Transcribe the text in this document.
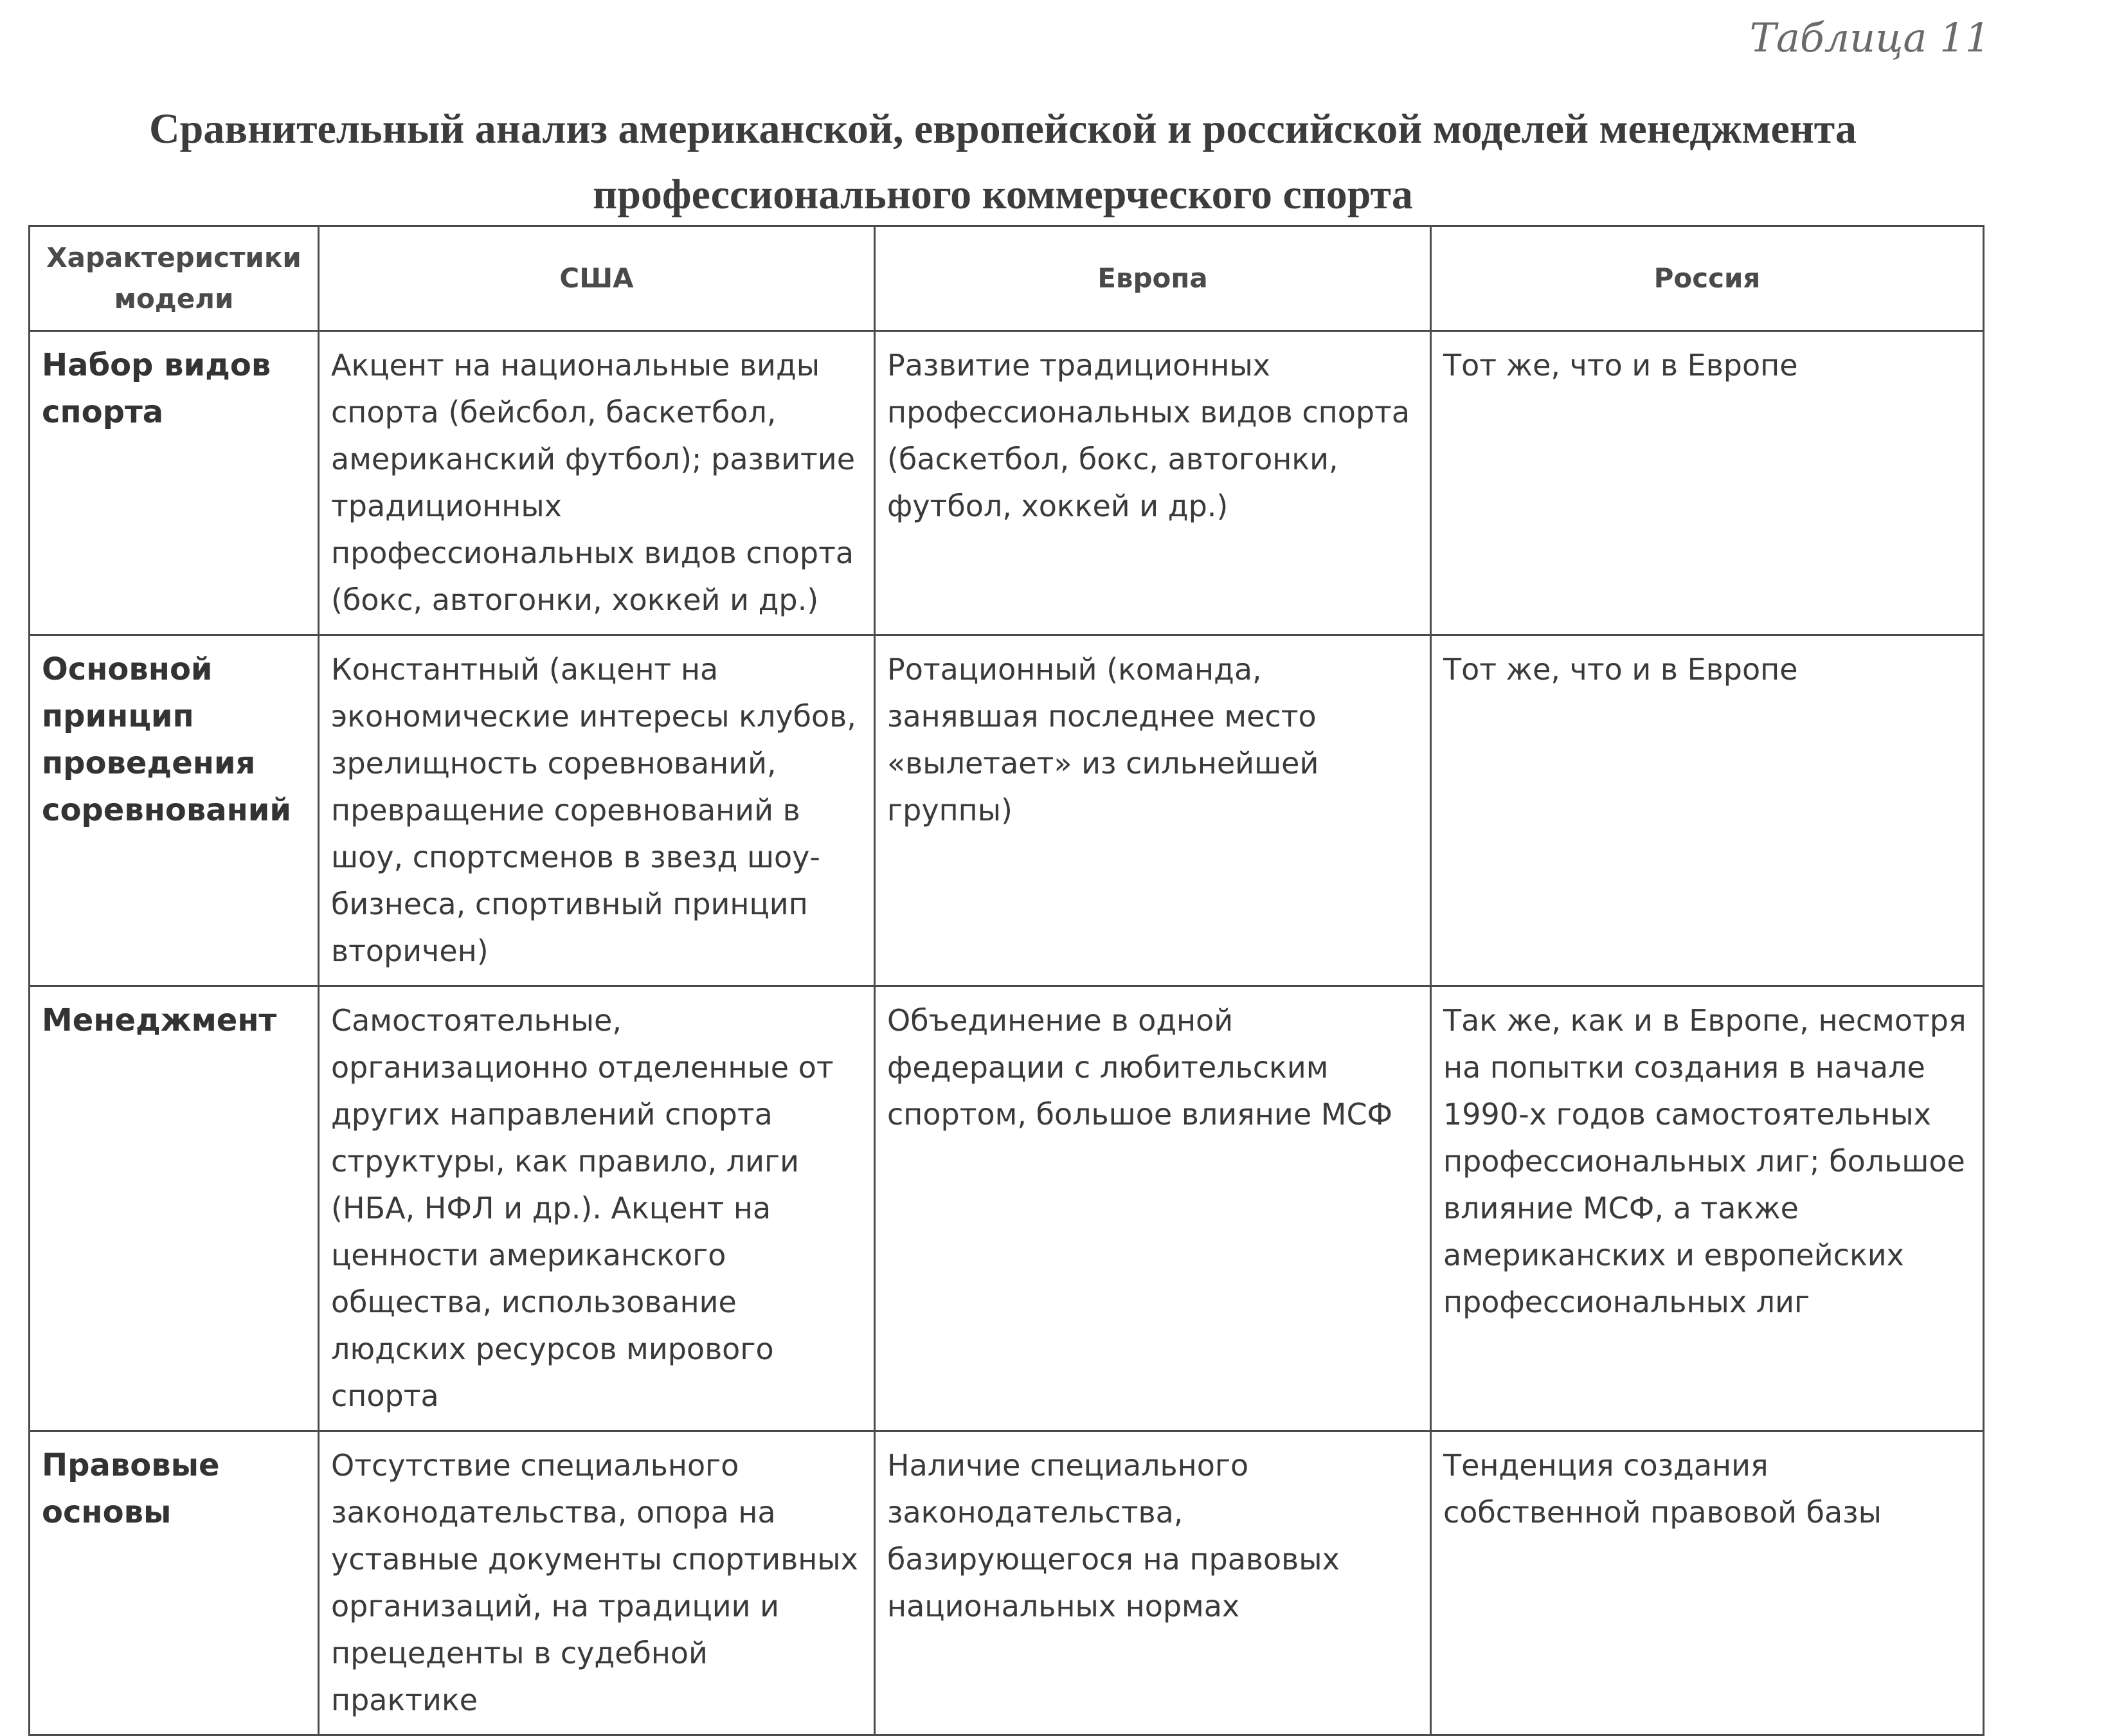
Таблица 11
Сравнительный анализ американской, европейской и российской моделей менеджмента профессионального коммерческого спорта
Характеристики модели	США	Европа	Россия
Набор видов спорта	Акцент на национальные виды спорта (бейсбол, баскетбол, американский футбол); развитие традиционных профессиональных видов спорта (бокс, автогонки, хоккей и др.)	Развитие традиционных профессиональных видов спорта (баскетбол, бокс, автогонки, футбол, хоккей и др.)	Тот же, что и в Европе
Основной принцип проведения соревнований	Константный (акцент на экономические интересы клубов, зрелищность соревнований, превращение соревнований в шоу, спортсменов в звезд шоу-бизнеса, спортивный принцип вторичен)	Ротационный (команда, занявшая последнее место «вылетает» из сильнейшей группы)	Тот же, что и в Европе
Менеджмент	Самостоятельные, организационно отделенные от других направлений спорта структуры, как правило, лиги (НБА, НФЛ и др.). Акцент на ценности американского общества, использование людских ресурсов мирового спорта	Объединение в одной федерации с любительским спортом, большое влияние МСФ	Так же, как и в Европе, несмотря на попытки создания в начале 1990-х годов самостоятельных профессиональных лиг; большое влияние МСФ, а также американских и европейских профессиональных лиг
Правовые основы	Отсутствие специального законодательства, опора на уставные документы спортивных организаций, на традиции и прецеденты в судебной практике	Наличие специального законодательства, базирующегося на правовых национальных нормах	Тенденция создания собственной правовой базы
